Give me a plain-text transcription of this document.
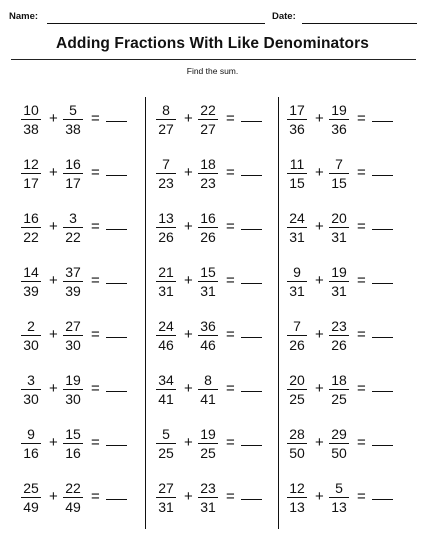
Name:	Date:
Adding Fractions With Like Denominators
Find the sum.
10
38
+ 5
38
=
12
17
+ 16
17
=
16
22
+ 3
22
=
14
39
+ 37
39
=
2
30
+ 27
30
=
3
30
+ 19
30
=
9
16
+ 15
16
=
25
49
+ 22
49
=
8
27
+ 22
27
=
7
23
+ 18
23
=
13
26
+ 16
26
=
21
31
+ 15
31
=
24
46
+ 36
46
=
34
41
+ 8
41
=
5
25
+ 19
25
=
27
31
+ 23
31
=
17
36
+ 19
36
=
11
15
+ 7
15
=
24
31
+ 20
31
=
9
31
+ 19
31
=
7
26
+ 23
26
=
20
25
+ 18
25
=
28
50
+ 29
50
=
12
13
+ 5
13
=
